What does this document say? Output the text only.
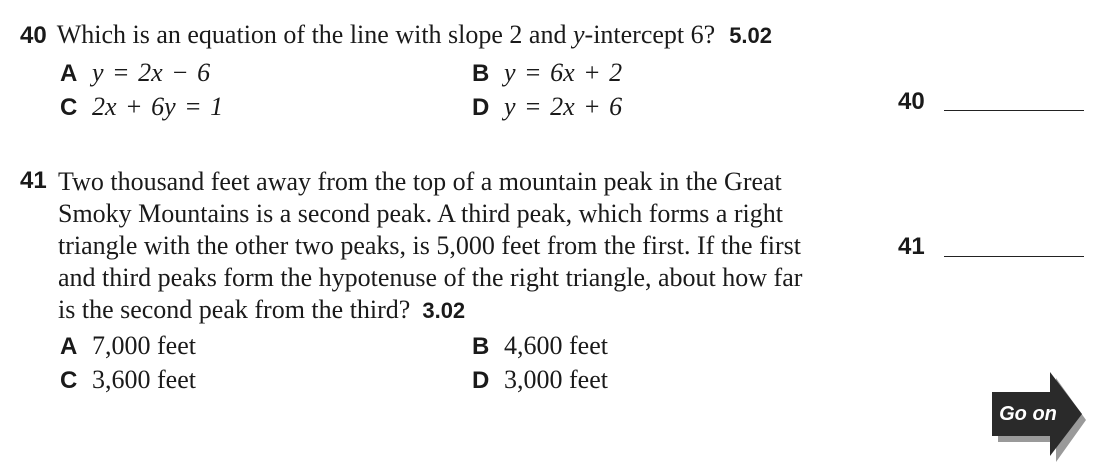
40 Which is an equation of the line with slope 2 and y-intercept 6? 5.02
A y = 2x − 6	B y = 6x + 2
C 2x + 6y = 1	D y = 2x + 6	40
41 Two thousand feet away from the top of a mountain peak in the Great
Smoky Mountains is a second peak. A third peak, which forms a right
triangle with the other two peaks, is 5,000 feet from the first. If the first
and third peaks form the hypotenuse of the right triangle, about how far
is the second peak from the third? 3.02
A 7,000 feet	B 4,600 feet
C 3,600 feet	D 3,000 feet
41
Go on
